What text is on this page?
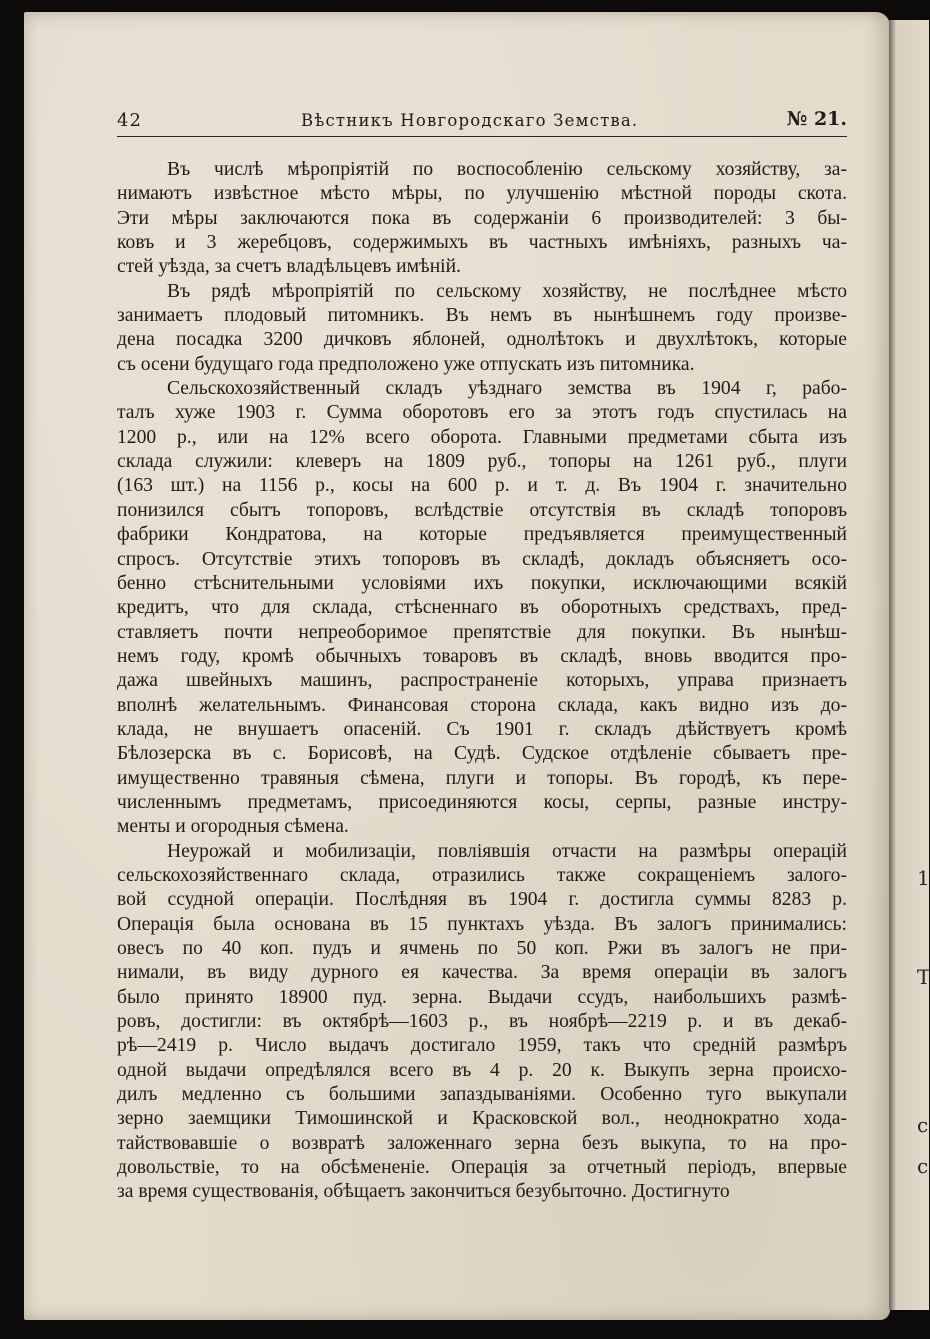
1
Т
с
с
42	Вѣстникъ Новгородскаго Земства.	№ 21.

Въ числѣ мѣропріятій по воспособленію сельскому хозяйству, за-
нимаютъ извѣстное мѣсто мѣры, по улучшенію мѣстной породы скота.
Эти мѣры заключаются пока въ содержаніи 6 производителей: 3 бы-
ковъ и 3 жеребцовъ, содержимыхъ въ частныхъ имѣніяхъ, разныхъ ча-
стей уѣзда, за счетъ владѣльцевъ имѣній.

Въ рядѣ мѣропріятій по сельскому хозяйству, не послѣднее мѣсто
занимаетъ плодовый питомникъ. Въ немъ въ нынѣшнемъ году произве-
дена посадка 3200 дичковъ яблоней, однолѣтокъ и двухлѣтокъ, которые
съ осени будущаго года предположено уже отпускать изъ питомника.

Сельскохозяйственный складъ уѣзднаго земства въ 1904 г, рабо-
талъ хуже 1903 г. Сумма оборотовъ его за этотъ годъ спустилась на
1200 р., или на 12% всего оборота. Главными предметами сбыта изъ
склада служили: клеверъ на 1809 руб., топоры на 1261 руб., плуги
(163 шт.) на 1156 р., косы на 600 р. и т. д. Въ 1904 г. значительно
понизился сбытъ топоровъ, вслѣдствіе отсутствія въ складѣ топоровъ
фабрики Кондратова, на которые предъявляется преимущественный
спросъ. Отсутствіе этихъ топоровъ въ складѣ, докладъ объясняетъ осо-
бенно стѣснительными условіями ихъ покупки, исключающими всякій
кредитъ, что для склада, стѣсненнаго въ оборотныхъ средствахъ, пред-
ставляетъ почти непреоборимое препятствіе для покупки. Въ нынѣш-
немъ году, кромѣ обычныхъ товаровъ въ складѣ, вновь вводится про-
дажа швейныхъ машинъ, распространеніе которыхъ, управа признаетъ
вполнѣ желательнымъ. Финансовая сторона склада, какъ видно изъ до-
клада, не внушаетъ опасеній. Съ 1901 г. складъ дѣйствуетъ кромѣ
Бѣлозерска въ с. Борисовѣ, на Судѣ. Судское отдѣленіе сбываетъ пре-
имущественно травяныя сѣмена, плуги и топоры. Въ городѣ, къ пере-
численнымъ предметамъ, присоединяются косы, серпы, разные инстру-
менты и огородныя сѣмена.

Неурожай и мобилизаціи, повліявшія отчасти на размѣры операцій
сельскохозяйственнаго склада, отразились также сокращеніемъ залого-
вой ссудной операціи. Послѣдняя въ 1904 г. достигла суммы 8283 р.
Операція была основана въ 15 пунктахъ уѣзда. Въ залогъ принимались:
овесъ по 40 коп. пудъ и ячмень по 50 коп. Ржи въ залогъ не при-
нимали, въ виду дурного ея качества. За время операціи въ залогъ
было принято 18900 пуд. зерна. Выдачи ссудъ, наибольшихъ размѣ-
ровъ, достигли: въ октябрѣ—1603 р., въ ноябрѣ—2219 р. и въ декаб-
рѣ—2419 р. Число выдачъ достигало 1959, такъ что средній размѣръ
одной выдачи опредѣлялся всего въ 4 р. 20 к. Выкупъ зерна происхо-
дилъ медленно съ большими запаздываніями. Особенно туго выкупали
зерно заемщики Тимошинской и Красковской вол., неоднократно хода-
тайствовавшіе о возвратѣ заложеннаго зерна безъ выкупа, то на про-
довольствіе, то на обсѣмененіе. Операція за отчетный періодъ, впервые
за время существованія, обѣщаетъ закончиться безубыточно. Достигнуто
